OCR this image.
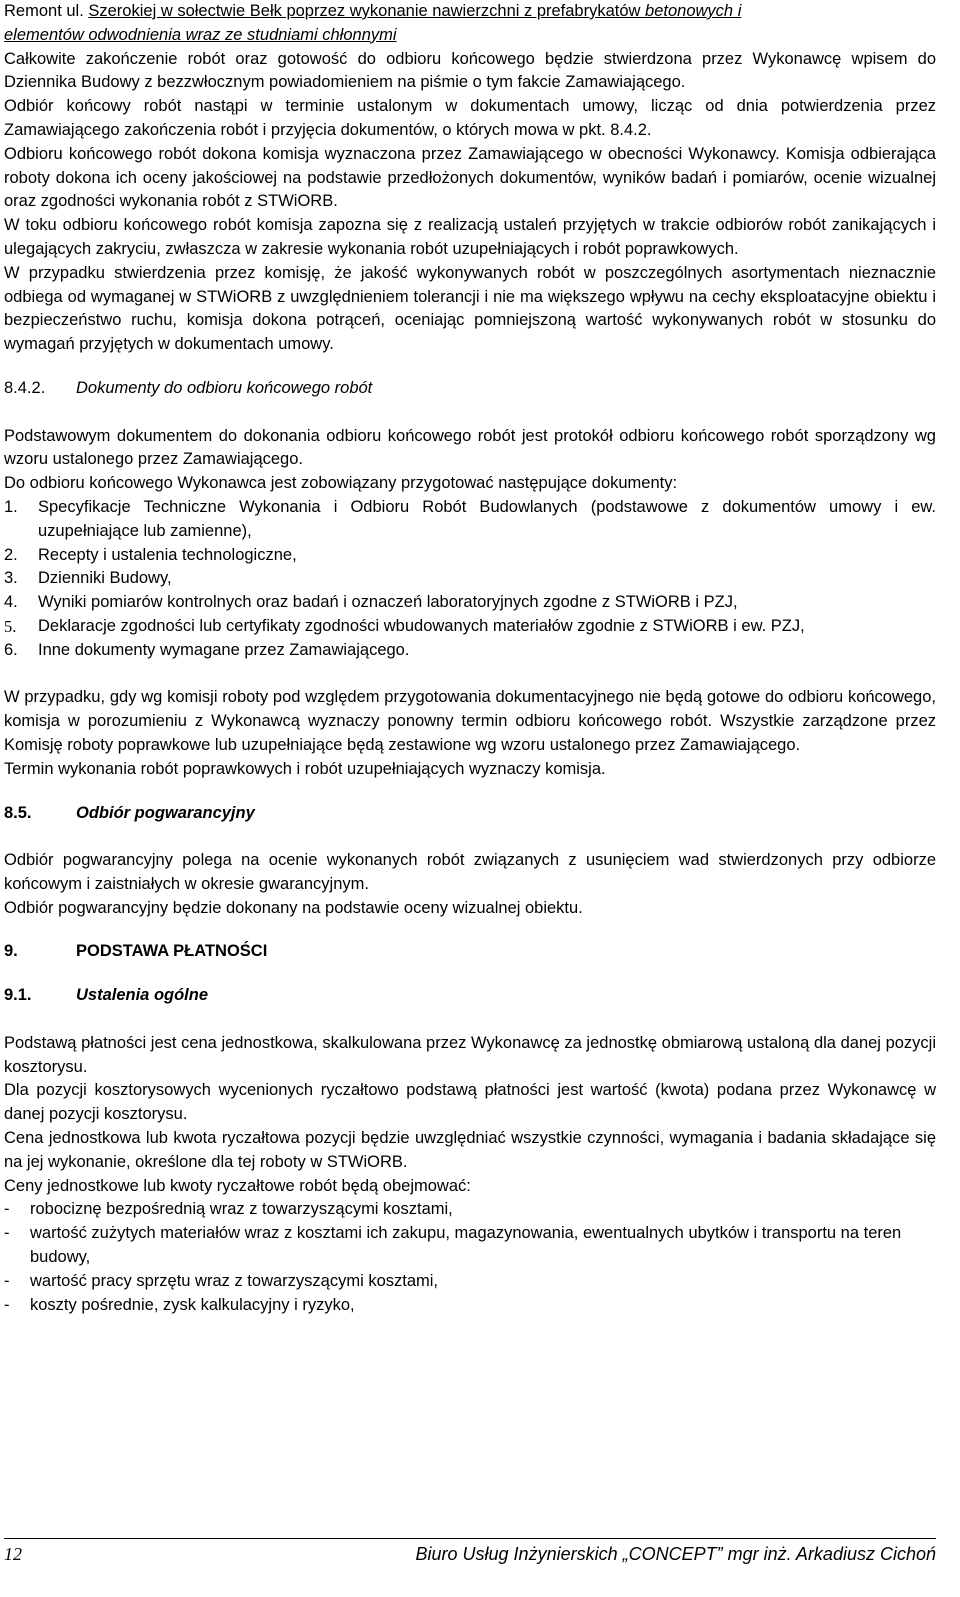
Remont ul. Szerokiej w sołectwie Bełk poprzez wykonanie nawierzchni z prefabrykatów betonowych i
elementów odwodnienia wraz ze studniami chłonnymi

Całkowite zakończenie robót oraz gotowość do odbioru końcowego będzie stwierdzona przez Wykonawcę wpisem do Dziennika Budowy z bezzwłocznym powiadomieniem na piśmie o tym fakcie Zamawiającego.

Odbiór końcowy robót nastąpi w terminie ustalonym w dokumentach umowy, licząc od dnia potwierdzenia przez Zamawiającego zakończenia robót i przyjęcia dokumentów, o których mowa w pkt. 8.4.2.

Odbioru końcowego robót dokona komisja wyznaczona przez Zamawiającego w obecności Wykonawcy. Komisja odbierająca roboty dokona ich oceny jakościowej na podstawie przedłożonych dokumentów, wyników badań i pomiarów, ocenie wizualnej oraz zgodności wykonania robót z STWiORB.

W toku odbioru końcowego robót komisja zapozna się z realizacją ustaleń przyjętych w trakcie odbiorów robót zanikających i ulegających zakryciu, zwłaszcza w zakresie wykonania robót uzupełniających i robót poprawkowych.

W przypadku stwierdzenia przez komisję, że jakość wykonywanych robót w poszczególnych asortymentach nieznacznie odbiega od wymaganej w STWiORB z uwzględnieniem tolerancji i nie ma większego wpływu na cechy eksploatacyjne obiektu i bezpieczeństwo ruchu, komisja dokona potrąceń, oceniając pomniejszoną wartość wykonywanych robót w stosunku do wymagań przyjętych w dokumentach umowy.

8.4.2.	Dokumenty do odbioru końcowego robót

Podstawowym dokumentem do dokonania odbioru końcowego robót jest protokół odbioru końcowego robót sporządzony wg wzoru ustalonego przez Zamawiającego.

Do odbioru końcowego Wykonawca jest zobowiązany przygotować następujące dokumenty:

1.	Specyfikacje Techniczne Wykonania i Odbioru Robót Budowlanych (podstawowe z dokumentów umowy i ew. uzupełniające lub zamienne),
2.	Recepty i ustalenia technologiczne,
3.	Dzienniki Budowy,
4.	Wyniki pomiarów kontrolnych oraz badań i oznaczeń laboratoryjnych zgodne z STWiORB i PZJ,
5.	Deklaracje zgodności lub certyfikaty zgodności wbudowanych materiałów zgodnie z STWiORB i ew. PZJ,
6.	Inne dokumenty wymagane przez Zamawiającego.

W przypadku, gdy wg komisji roboty pod względem przygotowania dokumentacyjnego nie będą gotowe do odbioru końcowego, komisja w porozumieniu z Wykonawcą wyznaczy ponowny termin odbioru końcowego robót. Wszystkie zarządzone przez Komisję roboty poprawkowe lub uzupełniające będą zestawione wg wzoru ustalonego przez Zamawiającego.

Termin wykonania robót poprawkowych i robót uzupełniających wyznaczy komisja.

8.5.	Odbiór pogwarancyjny

Odbiór pogwarancyjny polega na ocenie wykonanych robót związanych z usunięciem wad stwierdzonych przy odbiorze końcowym i zaistniałych w okresie gwarancyjnym.

Odbiór pogwarancyjny będzie dokonany na podstawie oceny wizualnej obiektu.

9.	PODSTAWA PŁATNOŚCI
9.1.	Ustalenia ogólne

Podstawą płatności jest cena jednostkowa, skalkulowana przez Wykonawcę za jednostkę obmiarową ustaloną dla danej pozycji kosztorysu.

Dla pozycji kosztorysowych wycenionych ryczałtowo podstawą płatności jest wartość (kwota) podana przez Wykonawcę w danej pozycji kosztorysu.

Cena jednostkowa lub kwota ryczałtowa pozycji będzie uwzględniać wszystkie czynności, wymagania i badania składające się na jej wykonanie, określone dla tej roboty w STWiORB.

Ceny jednostkowe lub kwoty ryczałtowe robót będą obejmować:

-	robociznę bezpośrednią wraz z towarzyszącymi kosztami,
-	wartość zużytych materiałów wraz z kosztami ich zakupu, magazynowania, ewentualnych ubytków i transportu na teren budowy,
-	wartość pracy sprzętu wraz z towarzyszącymi kosztami,
-	koszty pośrednie, zysk kalkulacyjny i ryzyko,
12	Biuro Usług Inżynierskich „CONCEPT” mgr inż. Arkadiusz Cichoń
